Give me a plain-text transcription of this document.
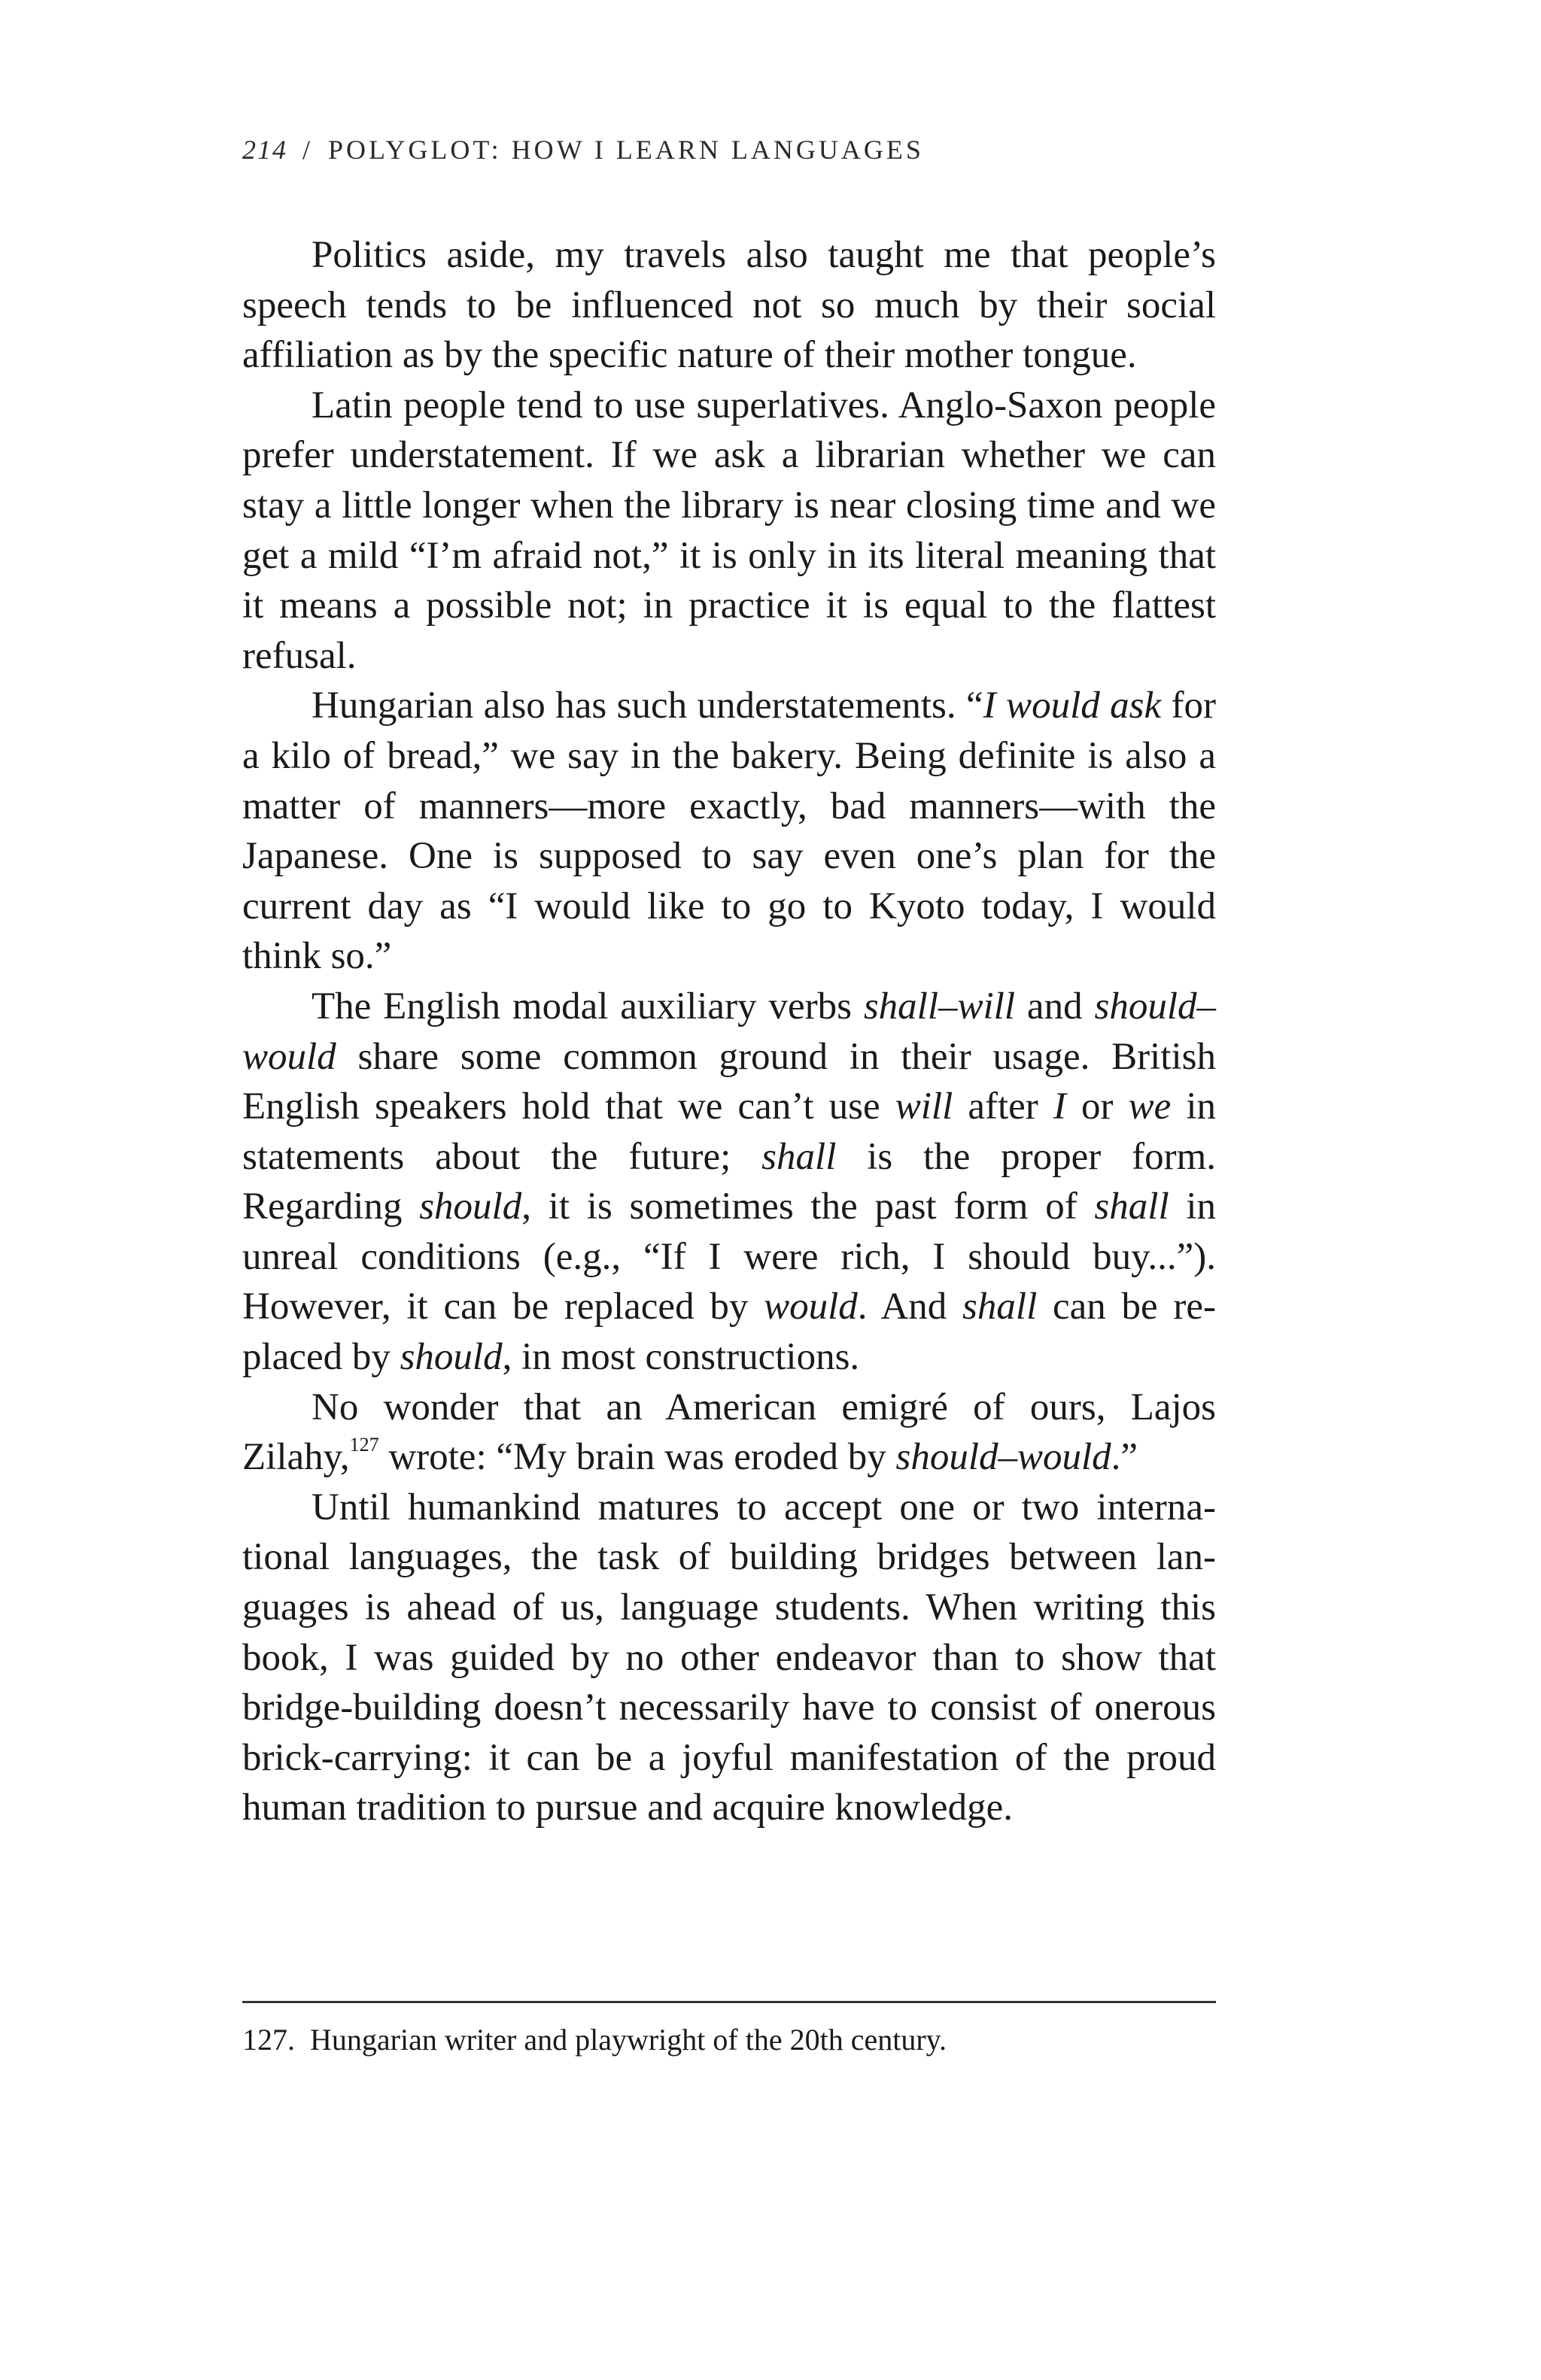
214 / POLYGLOT: HOW I LEARN LANGUAGES

Politics aside, my travels also taught me that people’s speech tends to be influenced not so much by their social affiliation as by the specific nature of their mother tongue.

Latin people tend to use superlatives. Anglo-Saxon people prefer understatement. If we ask a librarian whether we can stay a little longer when the library is near closing time and we get a mild “I’m afraid not,” it is only in its literal meaning that it means a possible not; in practice it is equal to the flattest refusal.

Hungarian also has such understatements. “I would ask for a kilo of bread,” we say in the bakery. Being definite is also a matter of manners—more exactly, bad manners—with the Japanese. One is supposed to say even one’s plan for the current day as “I would like to go to Kyoto today, I would think so.”

The English modal auxiliary verbs shall–will and should–would share some common ground in their usage. British English speakers hold that we can’t use will after I or we in statements about the future; shall is the proper form. Regarding should, it is sometimes the past form of shall in unreal conditions (e.g., “If I were rich, I should buy...”). However, it can be replaced by would. And shall can be replaced by should, in most constructions.

No wonder that an American emigré of ours, Lajos Zilahy,$^{127}$ wrote: “My brain was eroded by should–would.”

Until humankind matures to accept one or two international languages, the task of building bridges between languages is ahead of us, language students. When writing this book, I was guided by no other endeavor than to show that bridge-building doesn’t necessarily have to consist of onerous brick-carrying: it can be a joyful manifestation of the proud human tradition to pursue and acquire knowledge.

127. Hungarian writer and playwright of the 20th century.
